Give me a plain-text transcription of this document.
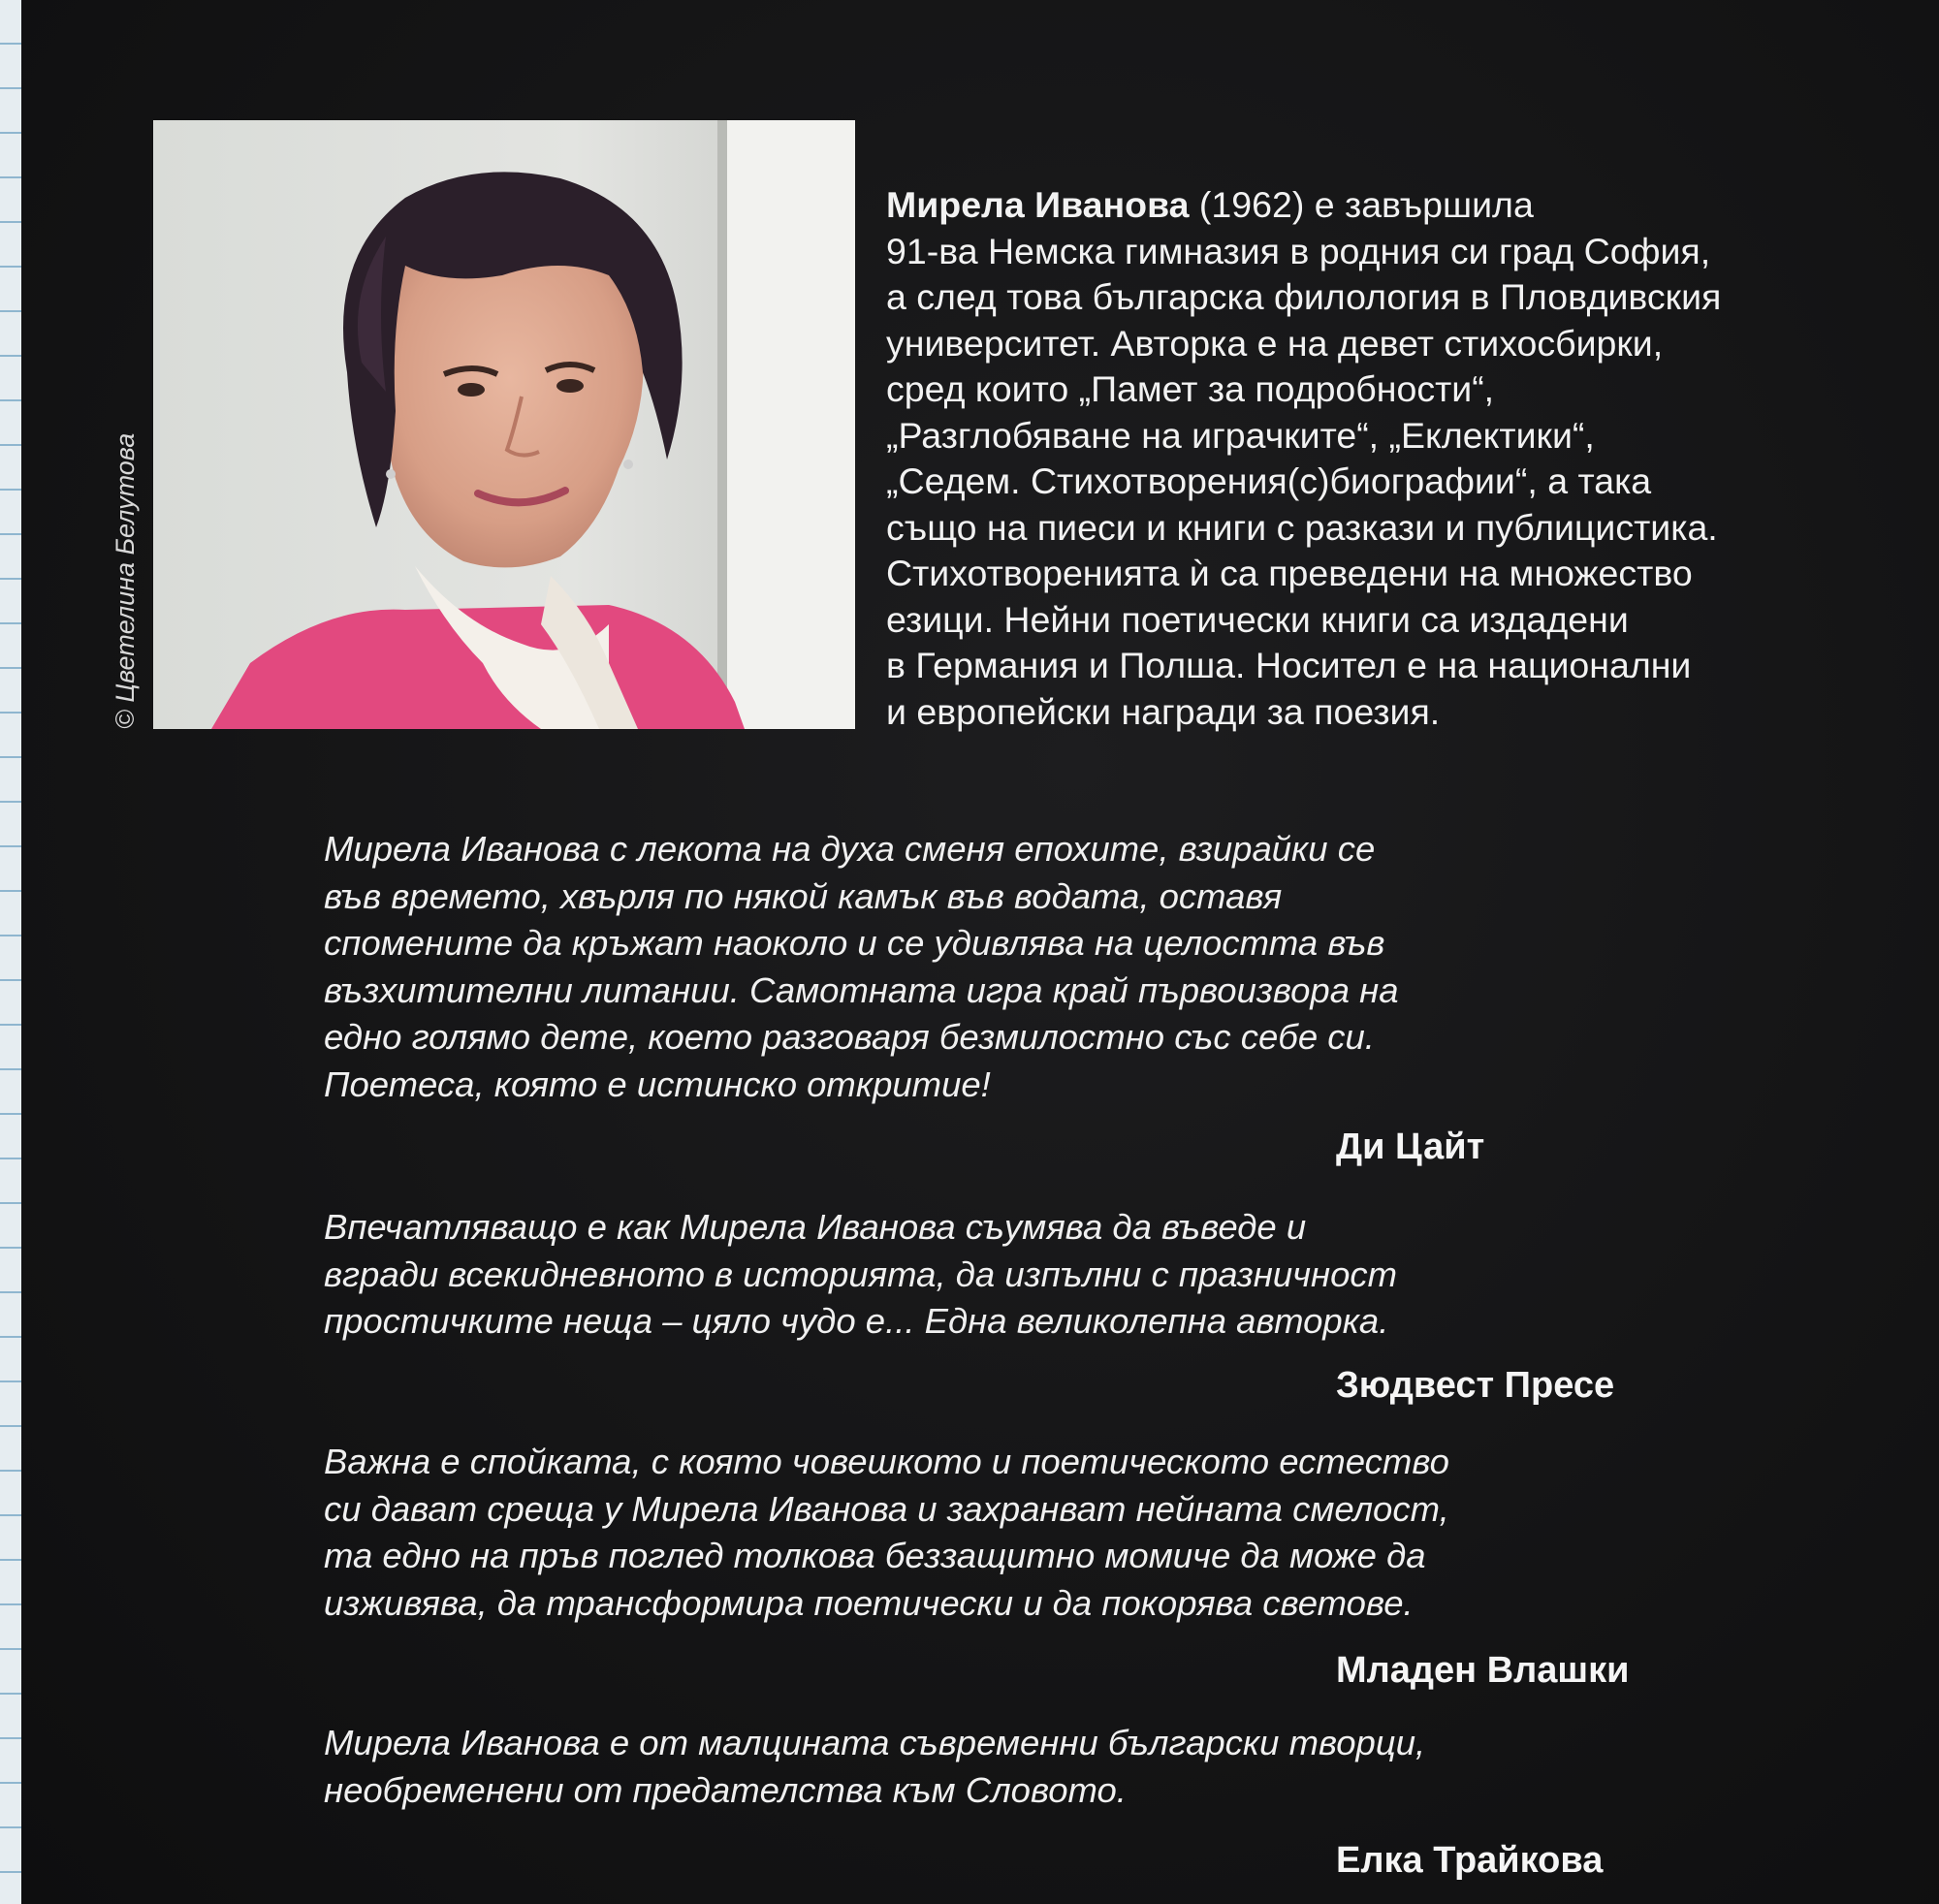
© Цветелина Белутова
Мирела Иванова (1962) е завършила
91-ва Немска гимназия в родния си град София,
а след това българска филология в Пловдивския
университет. Авторка е на девет стихосбирки,
сред които „Памет за подробности“,
„Разглобяване на играчките“, „Еклектики“,
„Седем. Стихотворения(с)биографии“, а така
също на пиеси и книги с разкази и публицистика.
Стихотворенията ѝ са преведени на множество
езици. Нейни поетически книги са издадени
в Германия и Полша. Носител е на национални
и европейски награди за поезия.
Мирела Иванова с лекота на духа сменя епохите, взирайки се
във времето, хвърля по някой камък във водата, оставя
спомените да кръжат наоколо и се удивлява на целостта във
възхитителни литании. Самотната игра край първоизвора на
едно голямо дете, което разговаря безмилостно със себе си.
Поетеса, която е истинско откритие!
Ди Цайт
Впечатляващо е как Мирела Иванова съумява да въведе и
вгради всекидневното в историята, да изпълни с празничност
простичките неща – цяло чудо е... Една великолепна авторка.
Зюдвест Пресе
Важна е спойката, с която човешкото и поетическото естество
си дават среща у Мирела Иванова и захранват нейната смелост,
та едно на пръв поглед толкова беззащитно момиче да може да
изживява, да трансформира поетически и да покорява светове.
Младен Влашки
Мирела Иванова е от малцината съвременни български творци,
необременени от предателства към Словото.
Елка Трайкова
